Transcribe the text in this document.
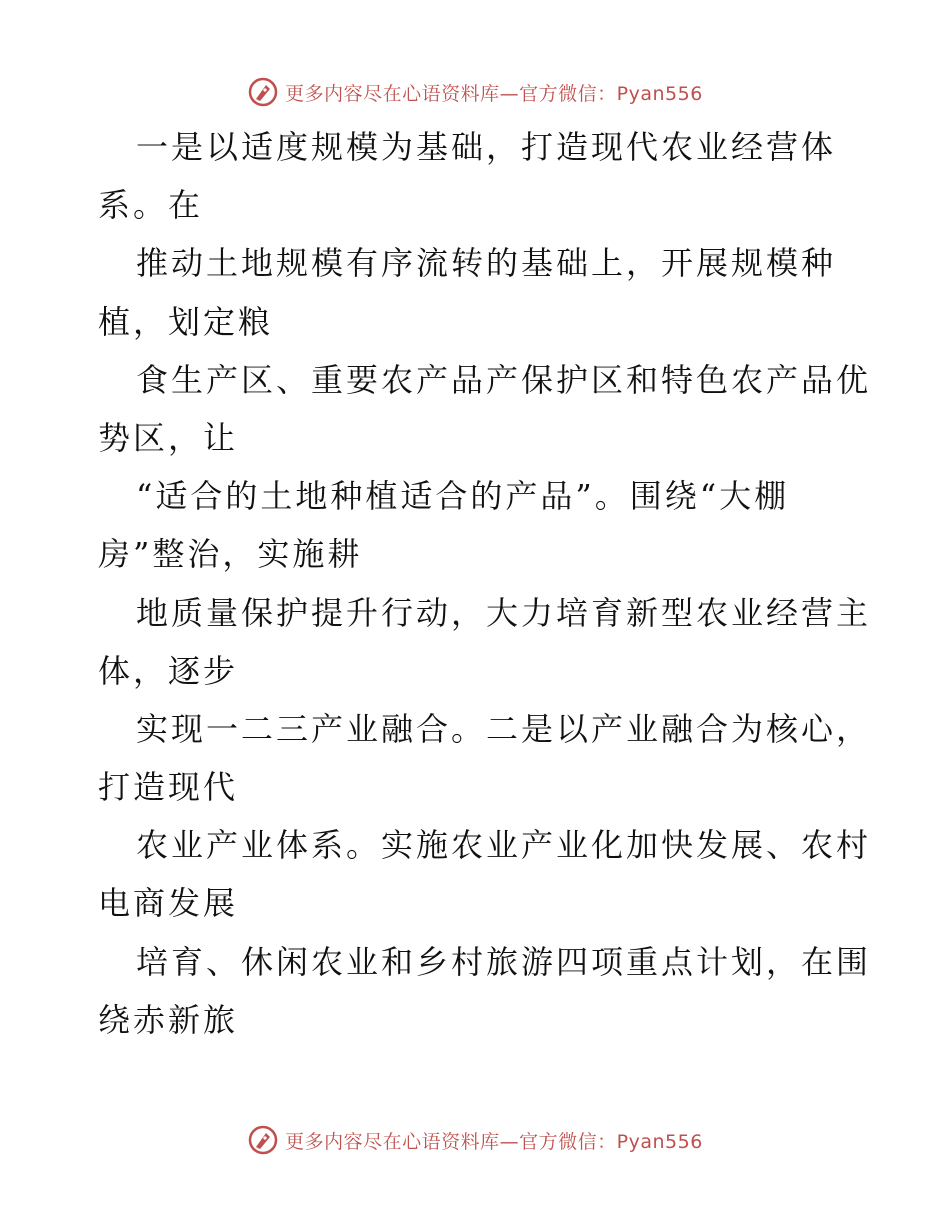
更多内容尽在心语资料库—官方微信：Pyan556
一是以适度规模为基础，打造现代农业经营体
系。在
推动土地规模有序流转的基础上，开展规模种
植，划定粮
食生产区、重要农产品产保护区和特色农产品优
势区，让
“适合的土地种植适合的产品”。围绕“大棚
房”整治，实施耕
地质量保护提升行动，大力培育新型农业经营主
体，逐步
实现一二三产业融合。二是以产业融合为核心，
打造现代
农业产业体系。实施农业产业化加快发展、农村
电商发展
培育、休闲农业和乡村旅游四项重点计划，在围
绕赤新旅
更多内容尽在心语资料库—官方微信：Pyan556
